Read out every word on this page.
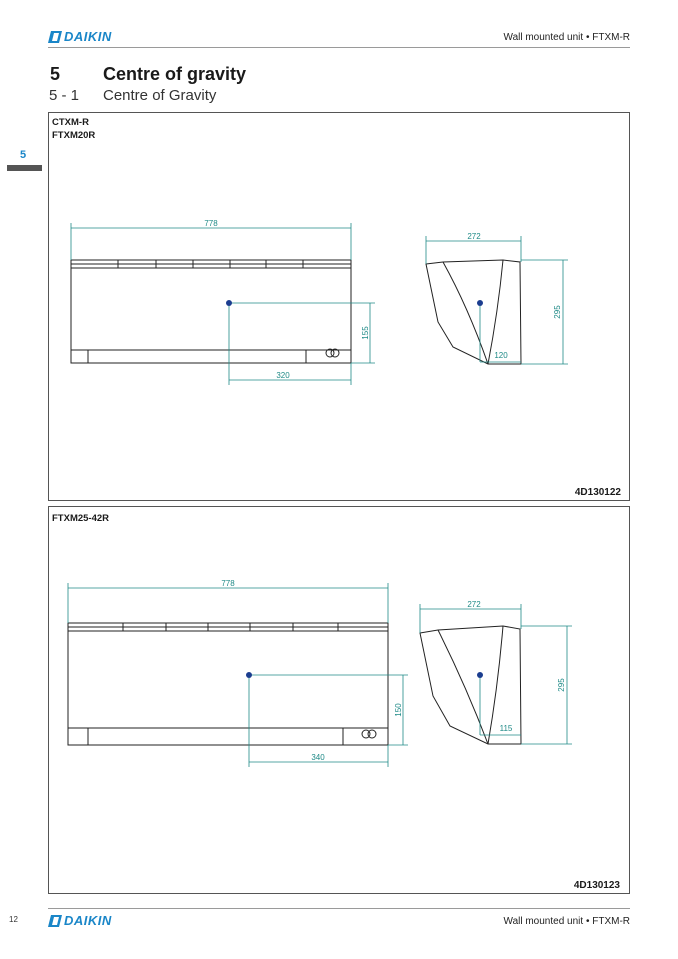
DAIKIN	Wall mounted unit • FTXM-R
5 Centre of gravity
5 - 1 Centre of Gravity
5
CTXM-R
FTXM20R
4D130122
778
155
320
272
295
120
FTXM25-42R
4D130123
778
150
340
272
295
115
12	DAIKIN	Wall mounted unit • FTXM-R
